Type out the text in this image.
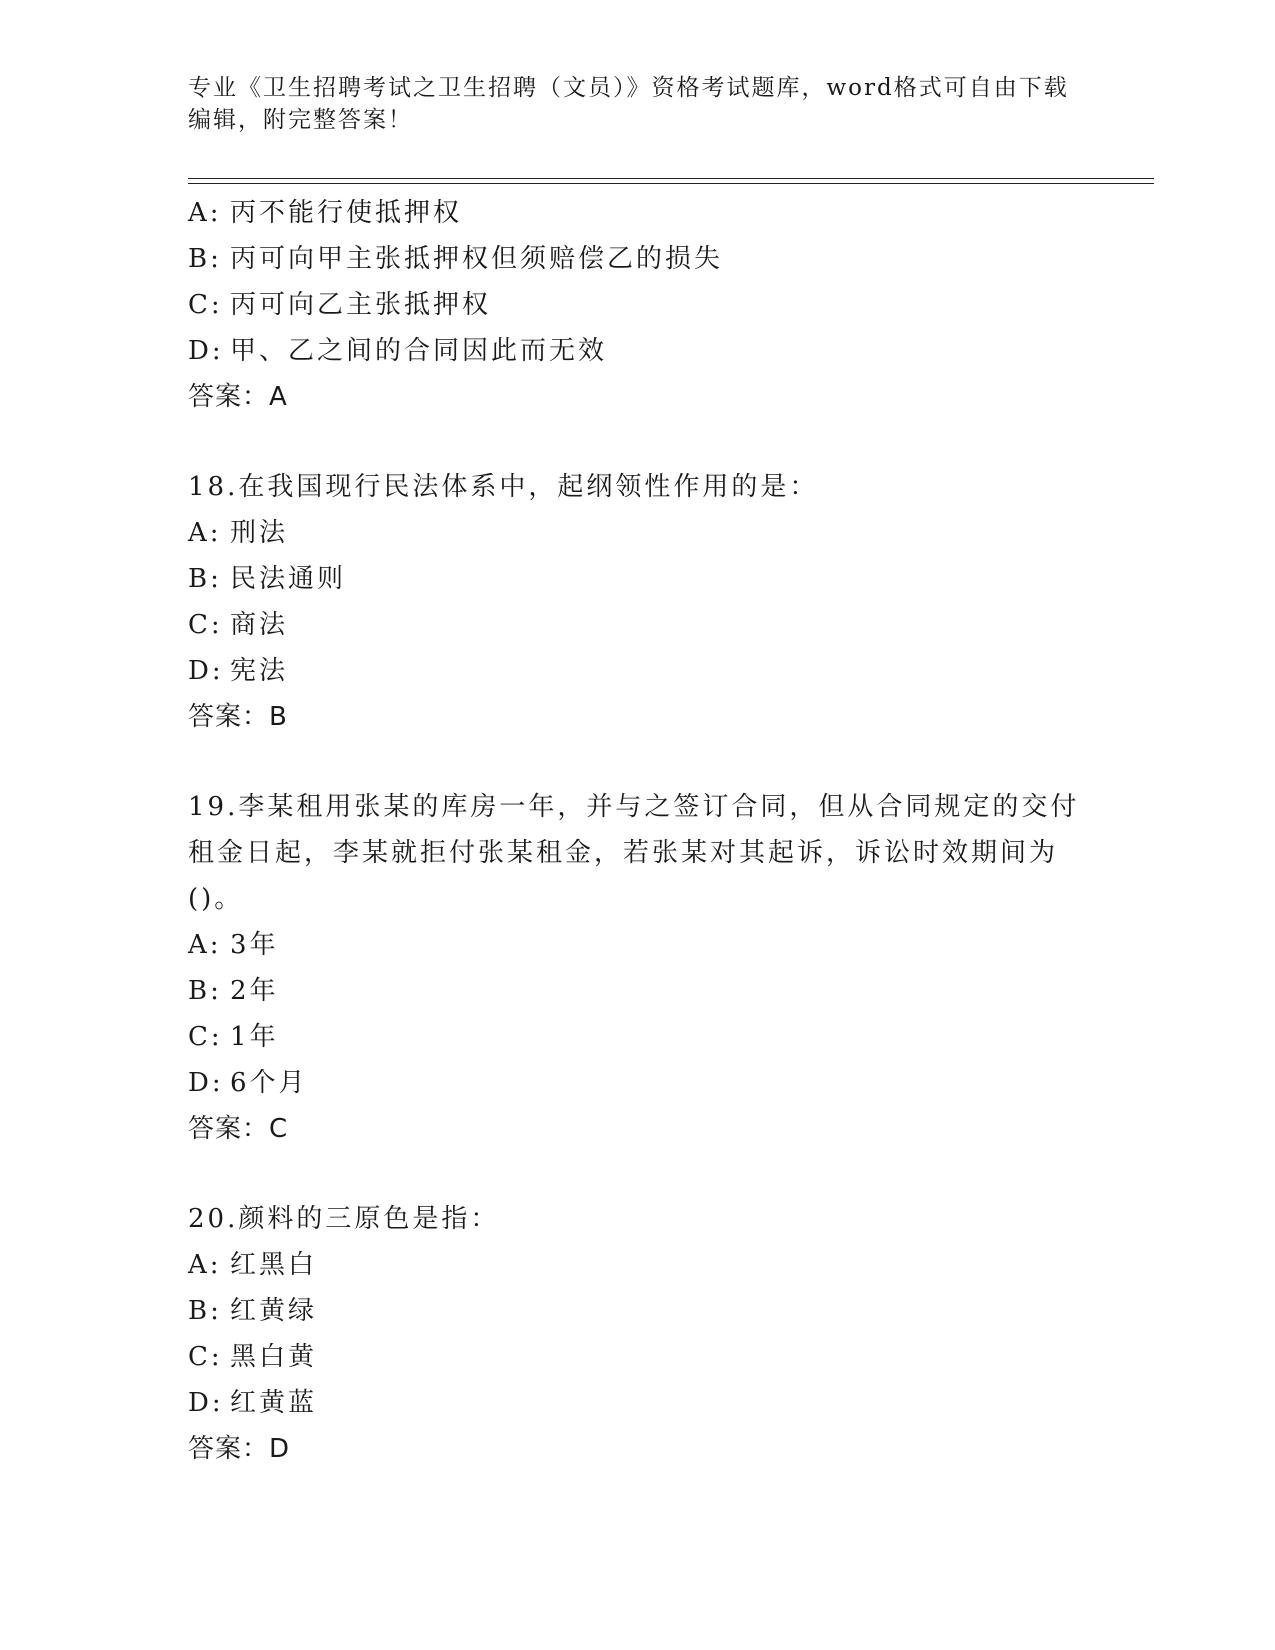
专业《卫生招聘考试之卫生招聘（文员）》资格考试题库，word格式可自由下载
编辑，附完整答案！
A: 丙不能行使抵押权
B: 丙可向甲主张抵押权但须赔偿乙的损失
C: 丙可向乙主张抵押权
D: 甲、乙之间的合同因此而无效
答案：A
18.在我国现行民法体系中，起纲领性作用的是：
A: 刑法
B: 民法通则
C: 商法
D: 宪法
答案：B
19.李某租用张某的库房一年，并与之签订合同，但从合同规定的交付
租金日起，李某就拒付张某租金，若张某对其起诉，诉讼时效期间为
()。
A: 3年
B: 2年
C: 1年
D: 6个月
答案：C
20.颜料的三原色是指：
A: 红黑白
B: 红黄绿
C: 黑白黄
D: 红黄蓝
答案：D
